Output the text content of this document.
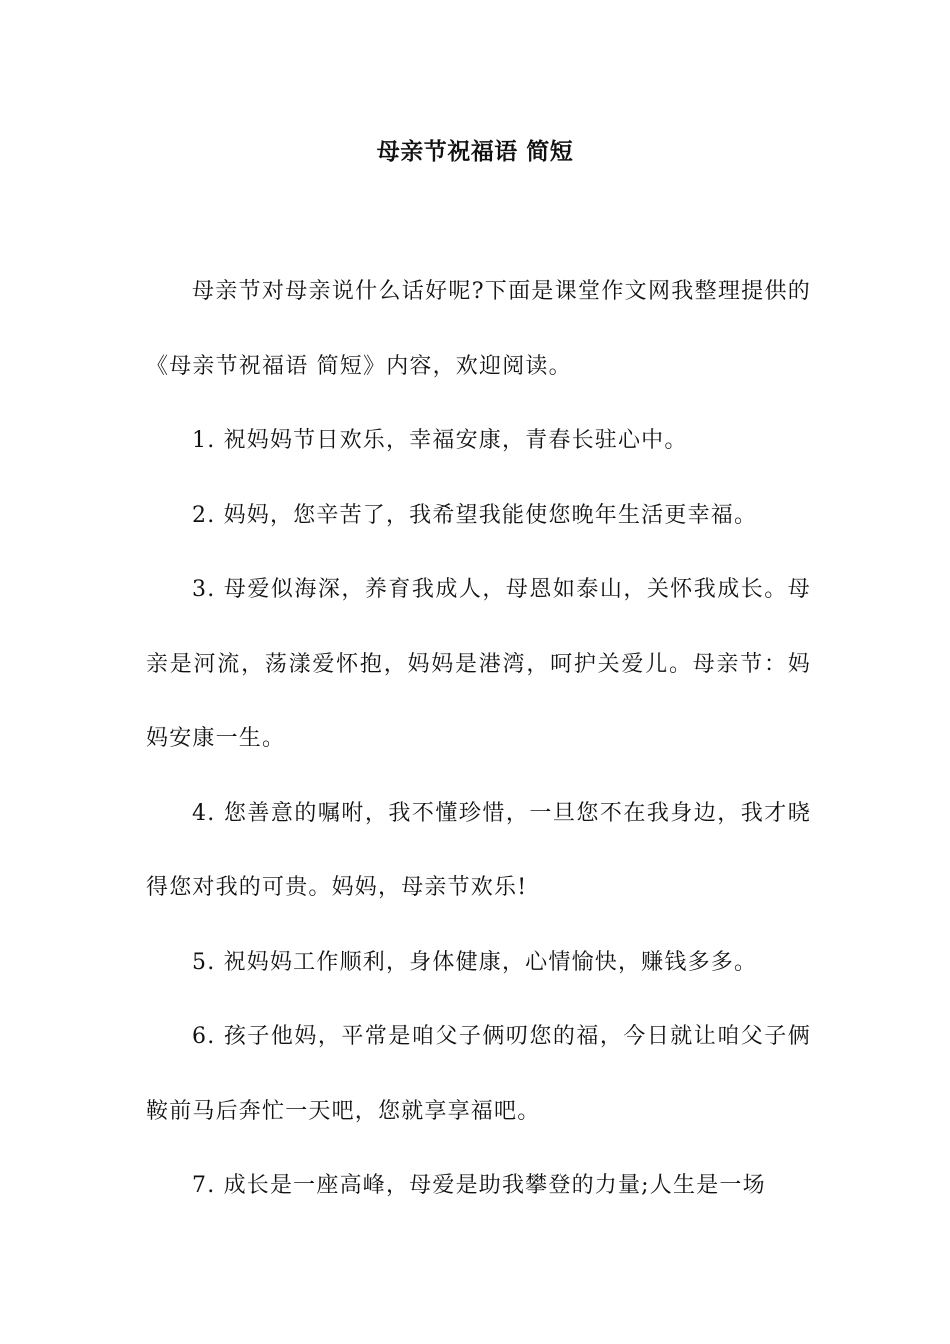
母亲节祝福语 简短

母亲节对母亲说什么话好呢?下面是课堂作文网我整理提供的《母亲节祝福语 简短》内容，欢迎阅读。

1. 祝妈妈节日欢乐，幸福安康，青春长驻心中。

2. 妈妈，您辛苦了，我希望我能使您晚年生活更幸福。

3. 母爱似海深，养育我成人，母恩如泰山，关怀我成长。母亲是河流，荡漾爱怀抱，妈妈是港湾，呵护关爱儿。母亲节：妈妈安康一生。

4. 您善意的嘱咐，我不懂珍惜，一旦您不在我身边，我才晓得您对我的可贵。妈妈，母亲节欢乐!

5. 祝妈妈工作顺利，身体健康，心情愉快，赚钱多多。

6. 孩子他妈，平常是咱父子俩叨您的福，今日就让咱父子俩鞍前马后奔忙一天吧，您就享享福吧。

7. 成长是一座高峰，母爱是助我攀登的力量;人生是一场
